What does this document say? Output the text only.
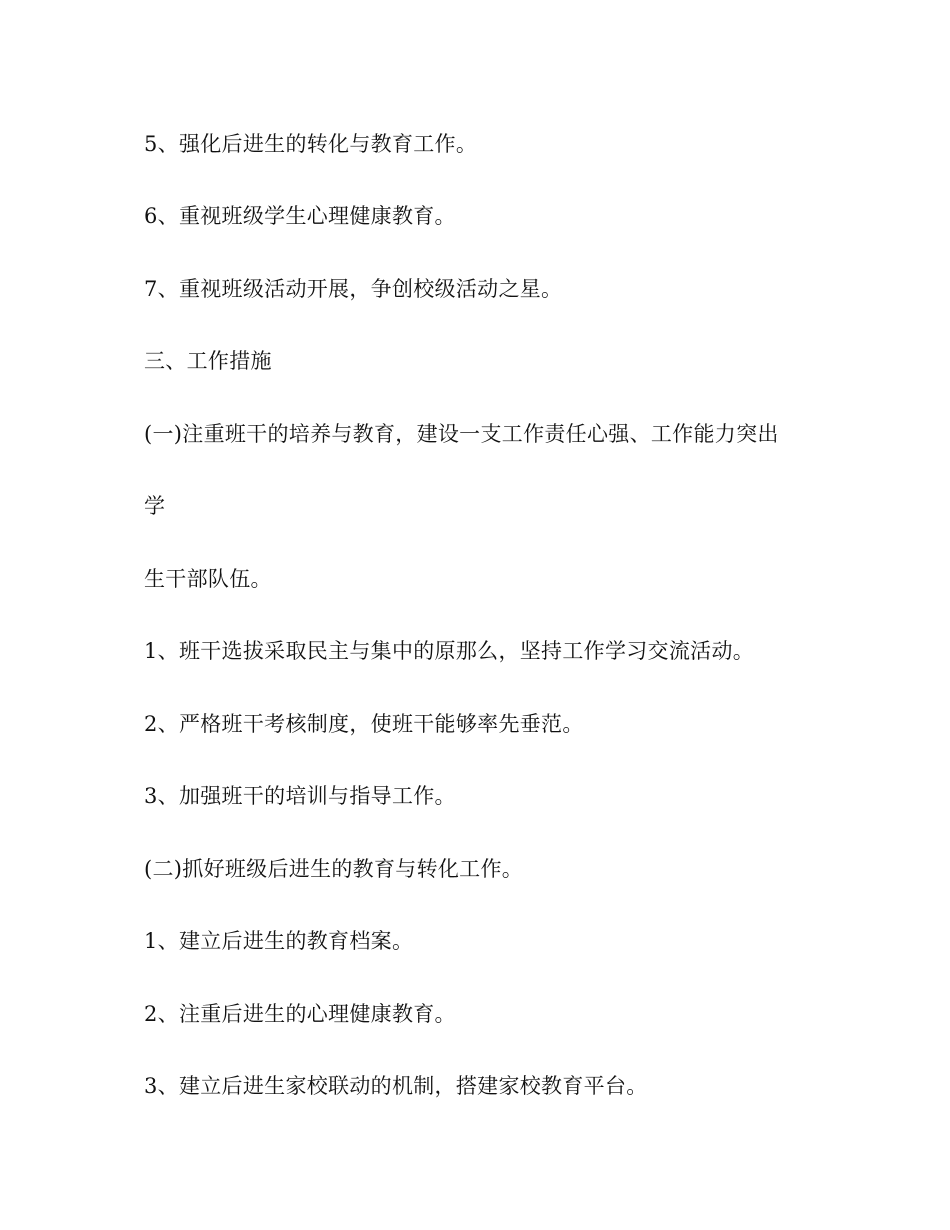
5、强化后进生的转化与教育工作。
6、重视班级学生心理健康教育。
7、重视班级活动开展，争创校级活动之星。
三、工作措施
(一)注重班干的培养与教育，建设一支工作责任心强、工作能力突出
学
生干部队伍。
1、班干选拔采取民主与集中的原那么，坚持工作学习交流活动。
2、严格班干考核制度，使班干能够率先垂范。
3、加强班干的培训与指导工作。
(二)抓好班级后进生的教育与转化工作。
1、建立后进生的教育档案。
2、注重后进生的心理健康教育。
3、建立后进生家校联动的机制，搭建家校教育平台。
